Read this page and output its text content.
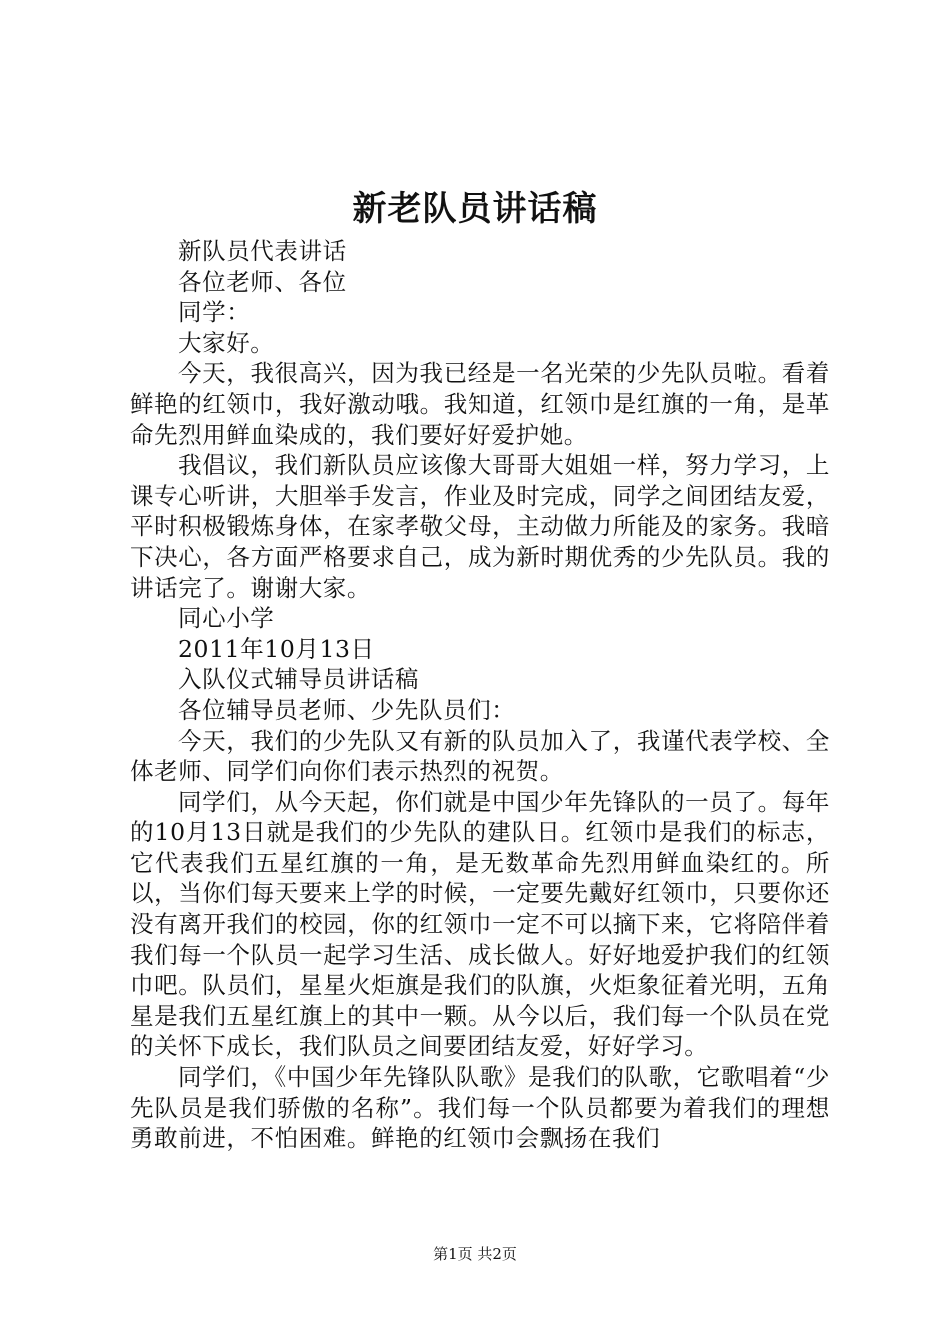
新老队员讲话稿

新队员代表讲话

各位老师、各位

同学：

大家好。

今天，我很高兴，因为我已经是一名光荣的少先队员啦。看着鲜艳的红领巾，我好激动哦。我知道，红领巾是红旗的一角，是革命先烈用鲜血染成的，我们要好好爱护她。

我倡议，我们新队员应该像大哥哥大姐姐一样，努力学习，上课专心听讲，大胆举手发言，作业及时完成，同学之间团结友爱，平时积极锻炼身体，在家孝敬父母，主动做力所能及的家务。我暗下决心，各方面严格要求自己，成为新时期优秀的少先队员。我的讲话完了。谢谢大家。

同心小学

2011年10月13日

入队仪式辅导员讲话稿

各位辅导员老师、少先队员们：

今天，我们的少先队又有新的队员加入了，我谨代表学校、全体老师、同学们向你们表示热烈的祝贺。

同学们，从今天起，你们就是中国少年先锋队的一员了。每年的10月13日就是我们的少先队的建队日。红领巾是我们的标志，它代表我们五星红旗的一角，是无数革命先烈用鲜血染红的。所以，当你们每天要来上学的时候，一定要先戴好红领巾，只要你还没有离开我们的校园，你的红领巾一定不可以摘下来，它将陪伴着我们每一个队员一起学习生活、成长做人。好好地爱护我们的红领巾吧。队员们，星星火炬旗是我们的队旗，火炬象征着光明，五角星是我们五星红旗上的其中一颗。从今以后，我们每一个队员在党的关怀下成长，我们队员之间要团结友爱，好好学习。

同学们，《中国少年先锋队队歌》是我们的队歌，它歌唱着“少先队员是我们骄傲的名称”。我们每一个队员都要为着我们的理想勇敢前进，不怕困难。鲜艳的红领巾会飘扬在我们

第1页 共2页
